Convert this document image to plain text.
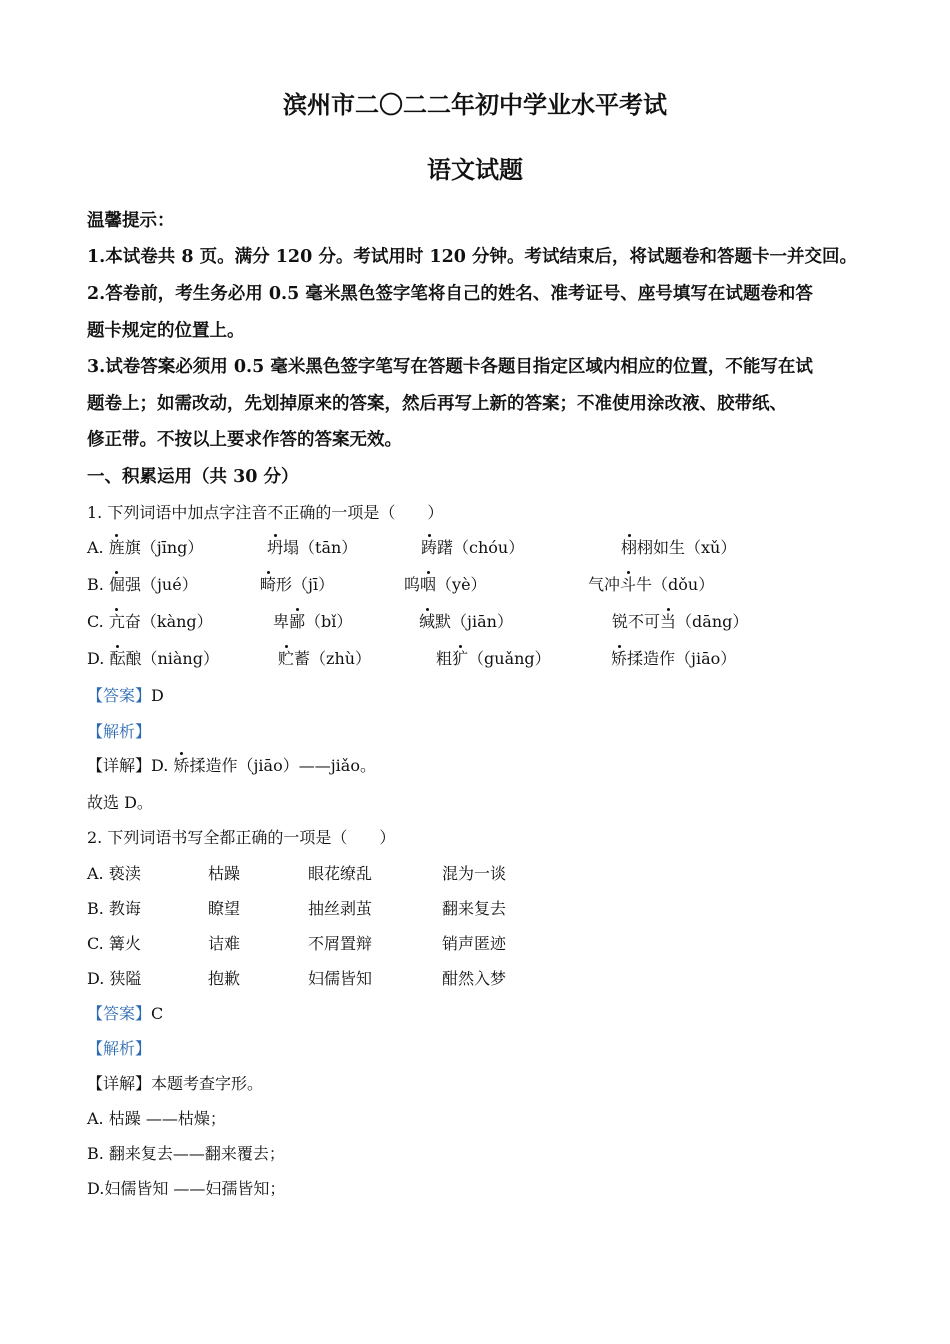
滨州市二〇二二年初中学业水平考试
语文试题
温馨提示：
1.本试卷共 8 页。满分 120 分。考试用时 120 分钟。考试结束后，将试题卷和答题卡一并交回。
2.答卷前，考生务必用 0.5 毫米黑色签字笔将自己的姓名、准考证号、座号填写在试题卷和答
题卡规定的位置上。
3.试卷答案必须用 0.5 毫米黑色签字笔写在答题卡各题目指定区域内相应的位置，不能写在试
题卷上；如需改动，先划掉原来的答案，然后再写上新的答案；不准使用涂改液、胶带纸、
修正带。不按以上要求作答的答案无效。
一、积累运用（共 30 分）
1. 下列词语中加点字注音不正确的一项是（　　）
A. 旌旗（jīng）	坍塌（tān）	踌躇（chóu）	栩栩如生（xǔ）
B. 倔强（jué）	畸形（jī）	呜咽（yè）	气冲斗牛（dǒu）
C. 亢奋（kàng）	卑鄙（bǐ）	缄默（jiān）	锐不可当（dāng）
D. 酝酿（niàng）	贮蓄（zhù）	粗犷（guǎng）	矫揉造作（jiāo）
【答案】D
【解析】
【详解】D. 矫揉造作（jiāo）——jiǎo。
故选 D。
2. 下列词语书写全都正确的一项是（　　）
A. 亵渎	枯躁	眼花缭乱	混为一谈
B. 教诲	瞭望	抽丝剥茧	翻来复去
C. 篝火	诘难	不屑置辩	销声匿迹
D. 狭隘	抱歉	妇儒皆知	酣然入梦
【答案】C
【解析】
【详解】本题考查字形。
A. 枯躁 ——枯燥；
B. 翻来复去——翻来覆去；
D.妇儒皆知 ——妇孺皆知；
